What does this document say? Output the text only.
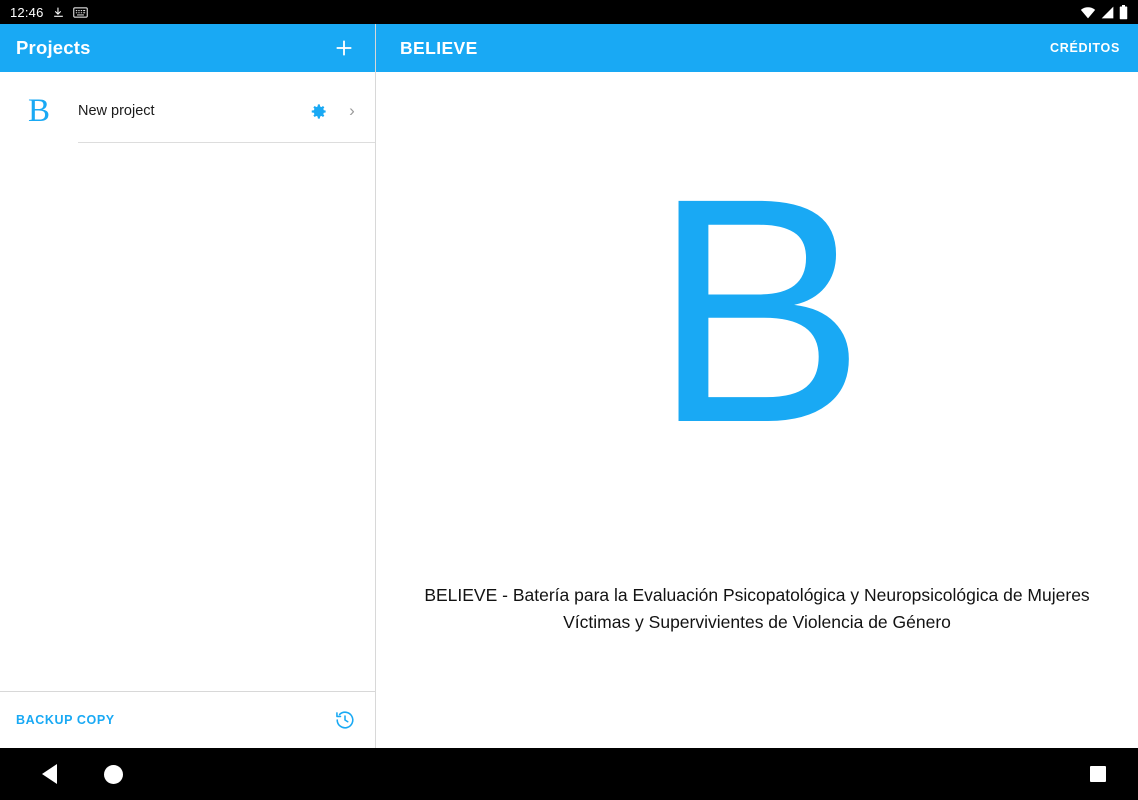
12:46
Projects
B	New project	›
BACKUP COPY
BELIEVE	CRÉDITOS
B
BELIEVE - Batería para la Evaluación Psicopatológica y Neuropsicológica de Mujeres Víctimas y Supervivientes de Violencia de Género
